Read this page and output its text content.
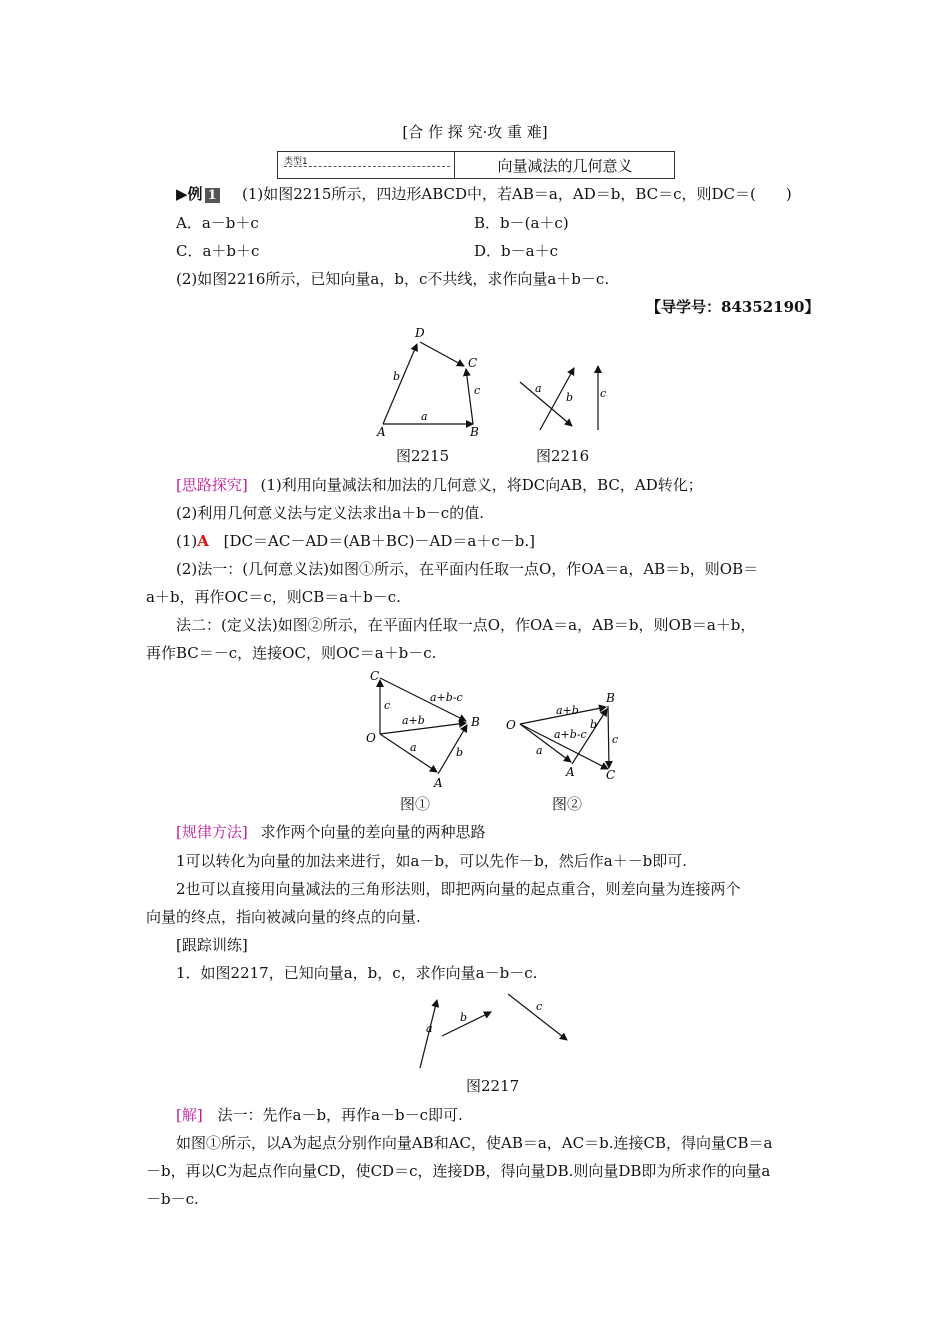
[合 作 探 究·攻 重 难]
类型1	向量减法的几何意义
▶例 1 (1)如图2215所示，四边形ABCD中，若AB＝a，AD＝b，BC＝c，则DC＝(　　)
A．a－b＋c	B．b－(a＋c)
C．a＋b＋c	D．b－a＋c
(2)如图2216所示，已知向量a，b，c不共线，求作向量a＋b－c.
【导学号：84352190】
D
C
A	B
a
b
c	a
b c
图2215	图2216
[思路探究] (1)利用向量减法和加法的几何意义，将DC向AB，BC，AD转化；
(2)利用几何意义法与定义法求出a＋b－c的值.
(1)A [DC＝AC－AD＝(AB＋BC)－AD＝a＋c－b.]
(2)法一：(几何意义法)如图①所示，在平面内任取一点O，作OA＝a，AB＝b，则OB＝
a＋b，再作OC＝c，则CB＝a＋b－c.
法二：(定义法)如图②所示，在平面内任取一点O，作OA＝a，AB＝b，则OB＝a＋b，
再作BC＝－c，连接OC，则OC＝a＋b－c.
C
a+b-c
c
a+b	B
O
a	b
A
B
a+b
b
O
a+b-c c
a
A	C
图①	图②
[规律方法] 求作两个向量的差向量的两种思路
1可以转化为向量的加法来进行，如a－b，可以先作－b，然后作a＋－b即可.
2也可以直接用向量减法的三角形法则，即把两向量的起点重合，则差向量为连接两个
向量的终点，指向被减向量的终点的向量.
[跟踪训练]
1．如图2217，已知向量a，b，c，求作向量a－b－c.
a
b
c
图2217
[解] 法一：先作a－b，再作a－b－c即可.
如图①所示，以A为起点分别作向量AB和AC，使AB＝a，AC＝b.连接CB，得向量CB＝a
－b，再以C为起点作向量CD，使CD＝c，连接DB，得向量DB.则向量DB即为所求作的向量a
－b－c.
